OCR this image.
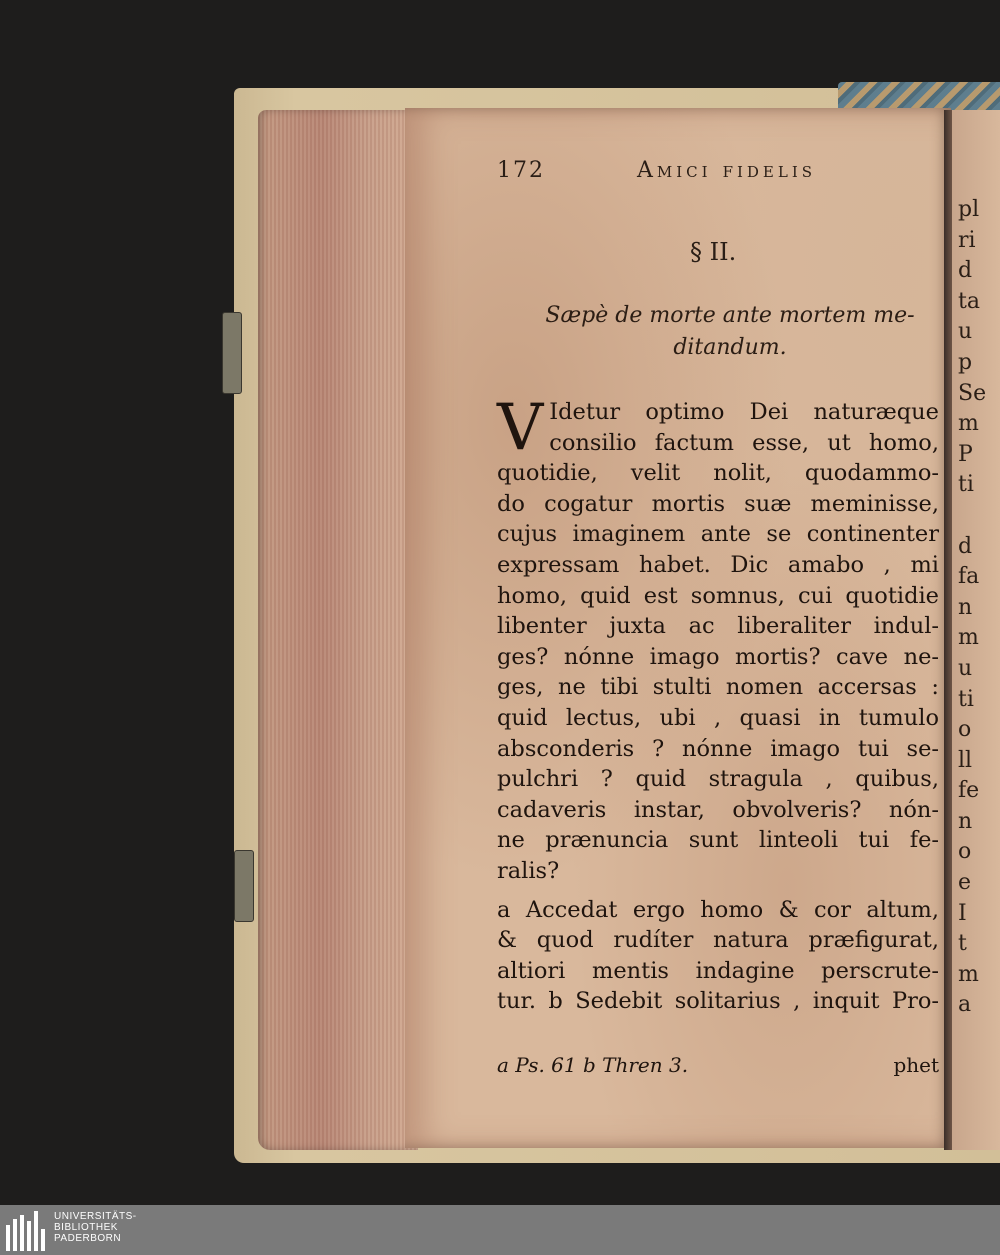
172	Amici fidelis
§ II.
Sæpè de morte ante mortem me-
ditandum.
V Idetur optimo Dei naturæque
consilio factum esse, ut homo,
quotidie, velit nolit, quodammo-
do cogatur mortis suæ meminisse,
cujus imaginem ante se continenter
expressam habet. Dic amabo , mi
homo, quid est somnus, cui quotidie
libenter juxta ac liberaliter indul-
ges? nónne imago mortis? cave ne-
ges, ne tibi stulti nomen accersas :
quid lectus, ubi , quasi in tumulo
absconderis ? nónne imago tui se-
pulchri ? quid stragula , quibus,
cadaveris instar, obvolveris? nón-
ne prænuncia sunt linteoli tui fe-
ralis?
a Accedat ergo homo & cor altum,
& quod rudíter natura præfigurat,
altiori mentis indagine perscrute-
tur. b Sedebit solitarius , inquit Pro-
a Ps. 61 b Thren 3.	phet
pl
ri
d
ta
u
p
Se
m
P
ti
d
fa
n
m
u
ti
o
ll
fe
n
o
e
I
t
m
a
UNIVERSITÄTS-
BIBLIOTHEK
PADERBORN
